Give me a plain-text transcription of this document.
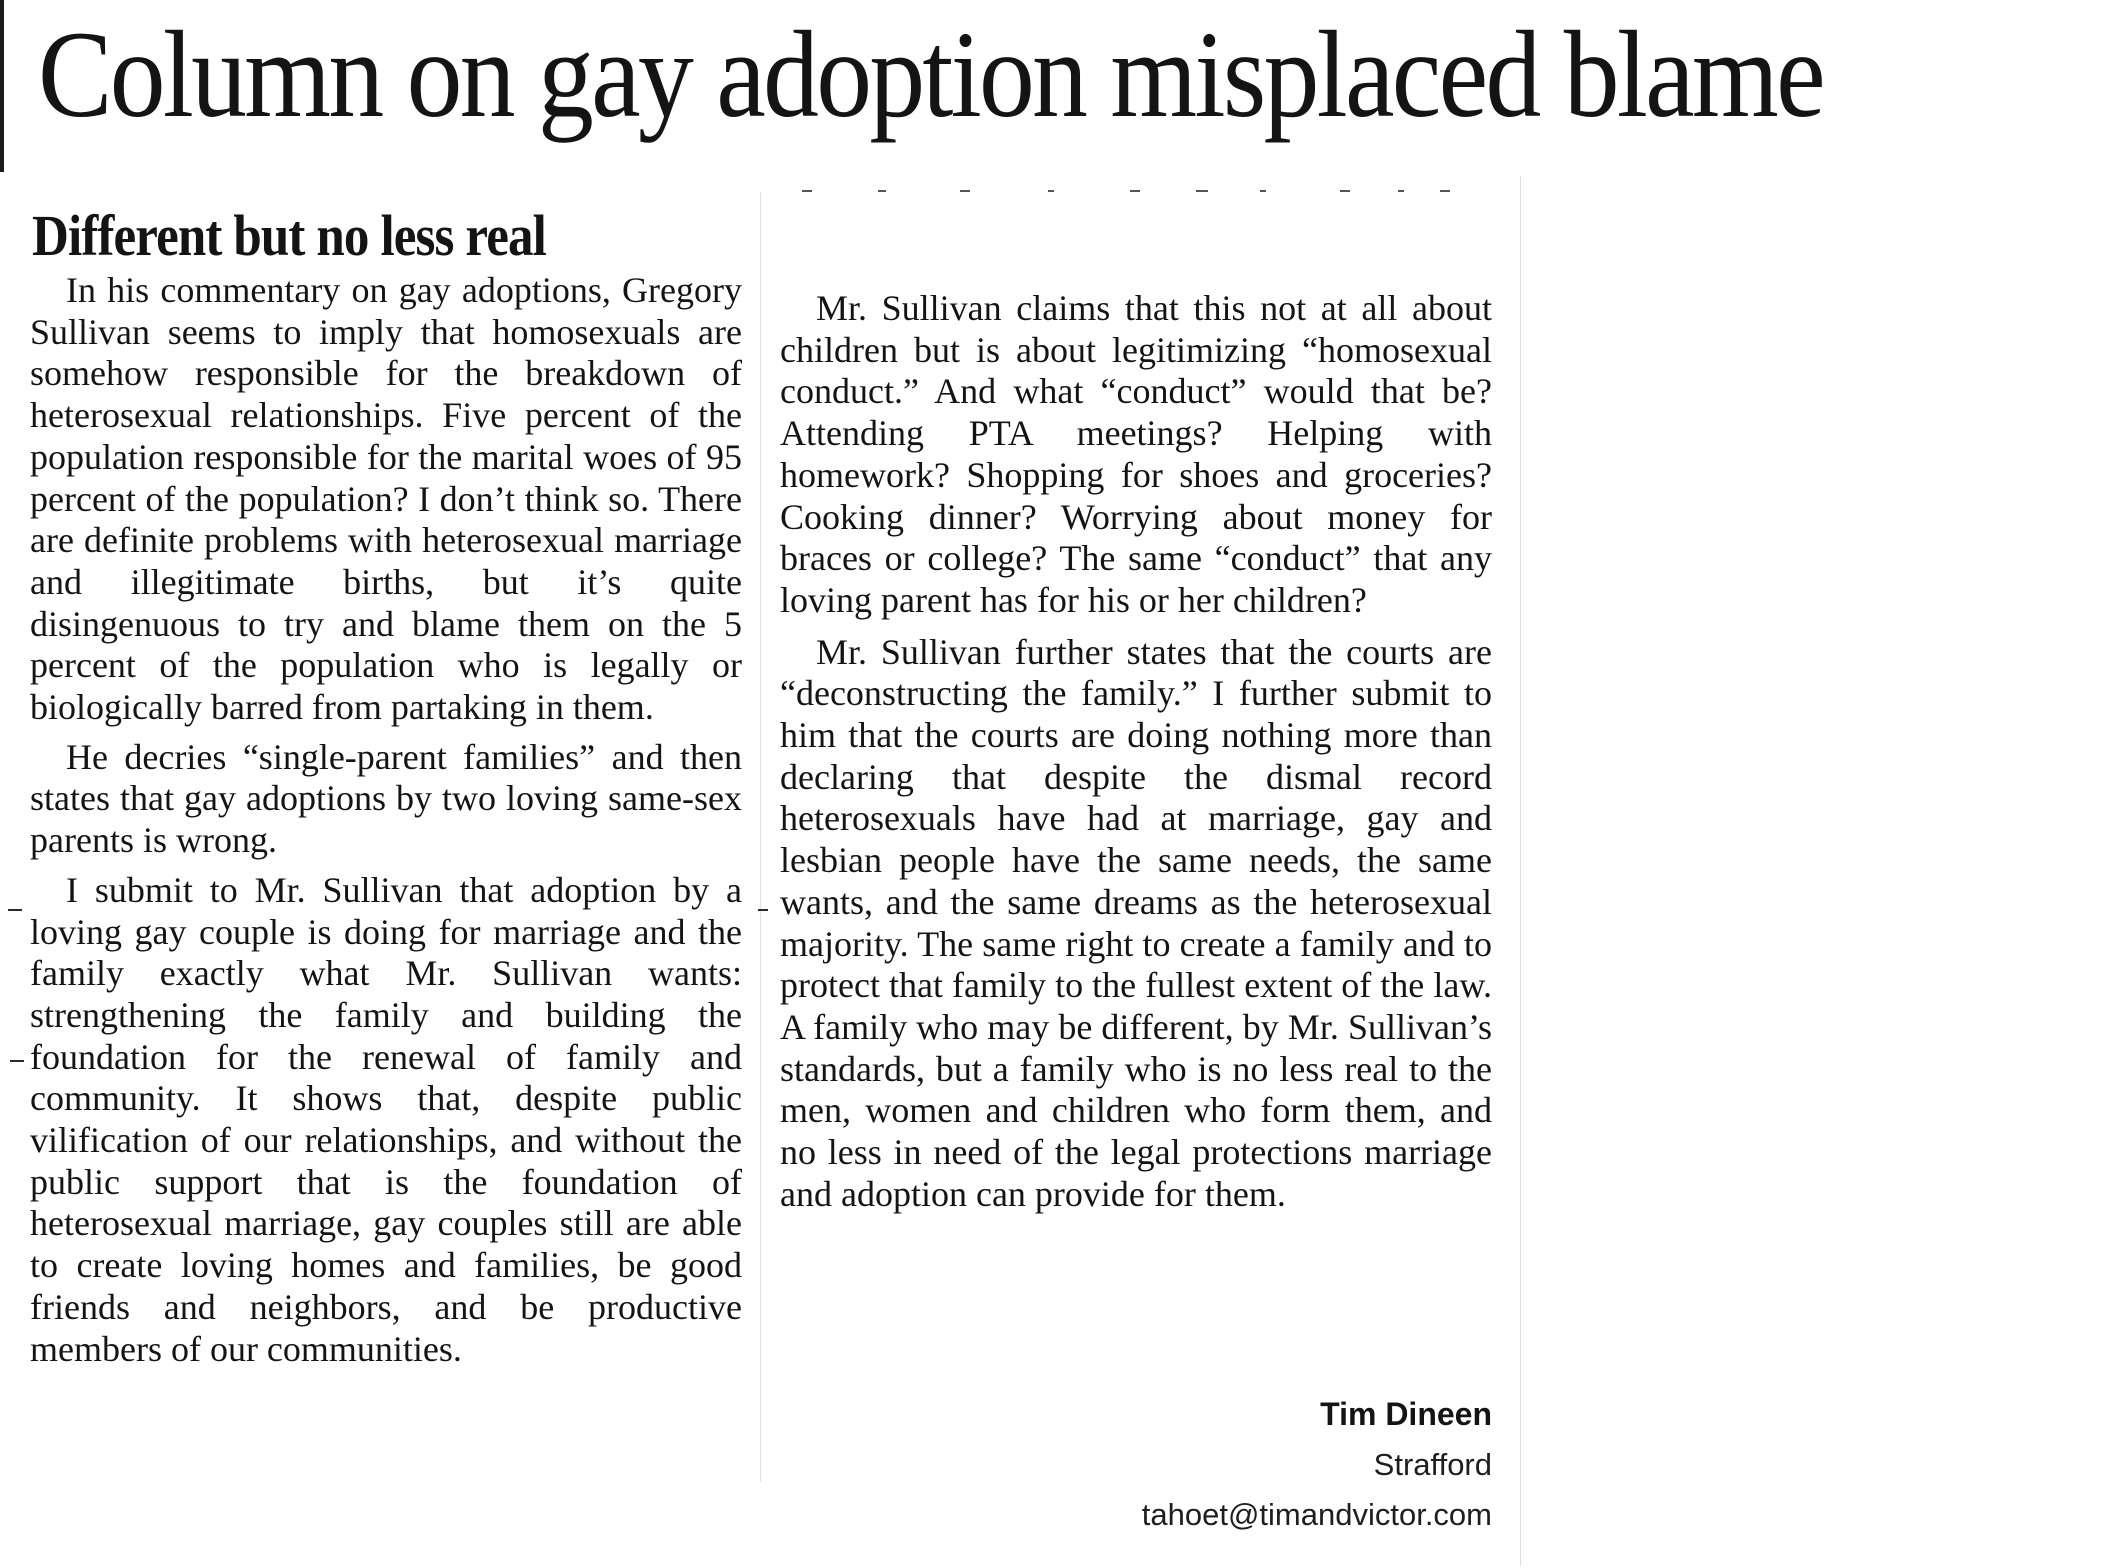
Column on gay adoption misplaced blame
Different but no less real

In his commentary on gay adoptions, Gregory Sullivan seems to imply that homosexuals are somehow responsible for the breakdown of heterosexual relationships. Five percent of the population responsible for the marital woes of 95 percent of the population? I don’t think so. There are definite problems with heterosexual marriage and illegitimate births, but it’s quite disingenuous to try and blame them on the 5 percent of the population who is legally or biologically barred from partaking in them.

He decries “single-parent families” and then states that gay adoptions by two loving same-sex parents is wrong.

I submit to Mr. Sullivan that adoption by a loving gay couple is doing for marriage and the family exactly what Mr. Sullivan wants: strengthening the family and building the foundation for the renewal of family and community. It shows that, despite public vilification of our relationships, and without the public support that is the foundation of heterosexual marriage, gay couples still are able to create loving homes and families, be good friends and neighbors, and be productive members of our communities.

Mr. Sullivan claims that this not at all about children but is about legitimizing “homosexual conduct.” And what “conduct” would that be? Attending PTA meetings? Helping with homework? Shopping for shoes and groceries? Cooking dinner? Worrying about money for braces or college? The same “conduct” that any loving parent has for his or her children?

Mr. Sullivan further states that the courts are “deconstructing the family.” I further submit to him that the courts are doing nothing more than declaring that despite the dismal record heterosexuals have had at marriage, gay and lesbian people have the same needs, the same wants, and the same dreams as the heterosexual majority. The same right to create a family and to protect that family to the fullest extent of the law. A family who may be different, by Mr. Sullivan’s standards, but a family who is no less real to the men, women and children who form them, and no less in need of the legal protections marriage and adoption can provide for them.

Tim Dineen
Strafford
tahoet@timandvictor.com
